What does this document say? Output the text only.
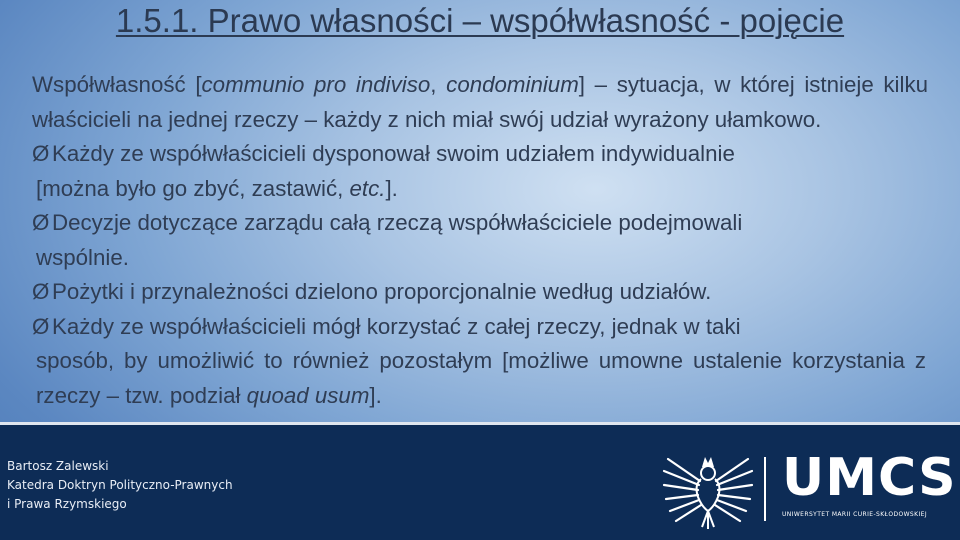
1.5.1. Prawo własności – współwłasność - pojęcie

Współwłasność [communio pro indiviso, condominium] – sytuacja, w której istnieje kilku właścicieli na jednej rzeczy – każdy z nich miał swój udział wyrażony ułamkowo.

Ø Każdy ze współwłaścicieli dysponował swoim udziałem indywidualnie
[można było go zbyć, zastawić, etc.].

Ø Decyzje dotyczące zarządu całą rzeczą współwłaściciele podejmowali
wspólnie.

Ø Pożytki i przynależności dzielono proporcjonalnie według udziałów.

Ø Każdy ze współwłaścicieli mógł korzystać z całej rzeczy, jednak w taki
sposób, by umożliwić to również pozostałym [możliwe umowne ustalenie korzystania z rzeczy – tzw. podział quoad usum].

Bartosz Zalewski
Katedra Doktryn Polityczno-Prawnych
i Prawa Rzymskiego	UMCS
UNIWERSYTET MARII CURIE-SKŁODOWSKIEJ
